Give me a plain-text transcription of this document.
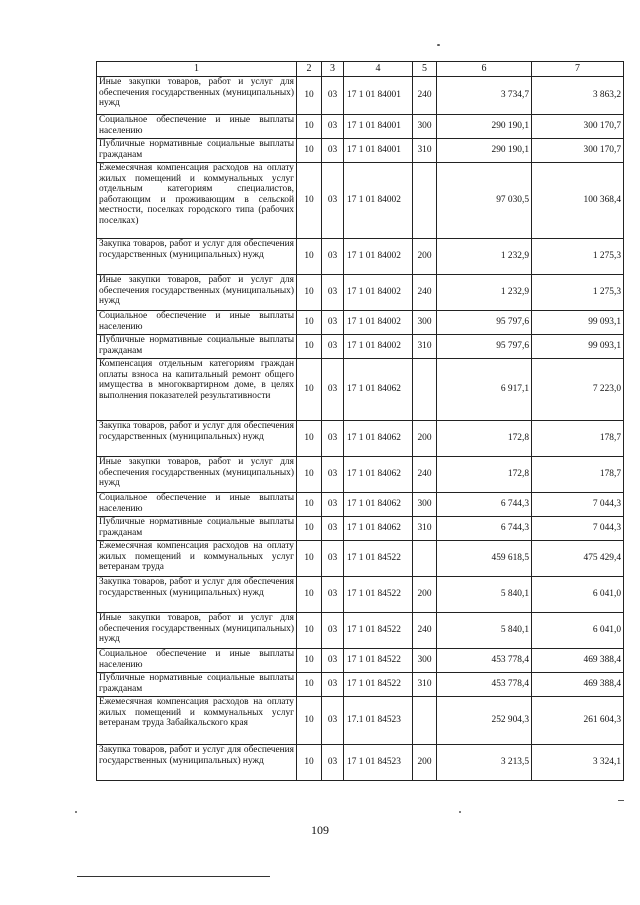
1	2	3	4	5	6	7
Иные закупки товаров, работ и услуг для обеспечения государственных (муниципальных) нужд	10	03	17 1 01 84001	240	3 734,7	3 863,2
Социальное обеспечение и иные выплаты населению	10	03	17 1 01 84001	300	290 190,1	300 170,7
Публичные нормативные социальные выплаты гражданам	10	03	17 1 01 84001	310	290 190,1	300 170,7
Ежемесячная компенсация расходов на оплату жилых помещений и коммунальных услуг отдельным категориям специалистов, работающим и проживающим в сельской местности, поселках городского типа (рабочих поселках)	10	03	17 1 01 84002		97 030,5	100 368,4
Закупка товаров, работ и услуг для обеспечения государственных (муниципальных) нужд	10	03	17 1 01 84002	200	1 232,9	1 275,3
Иные закупки товаров, работ и услуг для обеспечения государственных (муниципальных) нужд	10	03	17 1 01 84002	240	1 232,9	1 275,3
Социальное обеспечение и иные выплаты населению	10	03	17 1 01 84002	300	95 797,6	99 093,1
Публичные нормативные социальные выплаты гражданам	10	03	17 1 01 84002	310	95 797,6	99 093,1
Компенсация отдельным категориям граждан оплаты взноса на капитальный ремонт общего имущества в многоквартирном доме, в целях выполнения показателей результативности	10	03	17 1 01 84062		6 917,1	7 223,0
Закупка товаров, работ и услуг для обеспечения государственных (муниципальных) нужд	10	03	17 1 01 84062	200	172,8	178,7
Иные закупки товаров, работ и услуг для обеспечения государственных (муниципальных) нужд	10	03	17 1 01 84062	240	172,8	178,7
Социальное обеспечение и иные выплаты населению	10	03	17 1 01 84062	300	6 744,3	7 044,3
Публичные нормативные социальные выплаты гражданам	10	03	17 1 01 84062	310	6 744,3	7 044,3
Ежемесячная компенсация расходов на оплату жилых помещений и коммунальных услуг ветеранам труда	10	03	17 1 01 84522		459 618,5	475 429,4
Закупка товаров, работ и услуг для обеспечения государственных (муниципальных) нужд	10	03	17 1 01 84522	200	5 840,1	6 041,0
Иные закупки товаров, работ и услуг для обеспечения государственных (муниципальных) нужд	10	03	17 1 01 84522	240	5 840,1	6 041,0
Социальное обеспечение и иные выплаты населению	10	03	17 1 01 84522	300	453 778,4	469 388,4
Публичные нормативные социальные выплаты гражданам	10	03	17 1 01 84522	310	453 778,4	469 388,4
Ежемесячная компенсация расходов на оплату жилых помещений и коммунальных услуг ветеранам труда Забайкальского края	10	03	17.1 01 84523		252 904,3	261 604,3
Закупка товаров, работ и услуг для обеспечения государственных (муниципальных) нужд	10	03	17 1 01 84523	200	3 213,5	3 324,1
109
